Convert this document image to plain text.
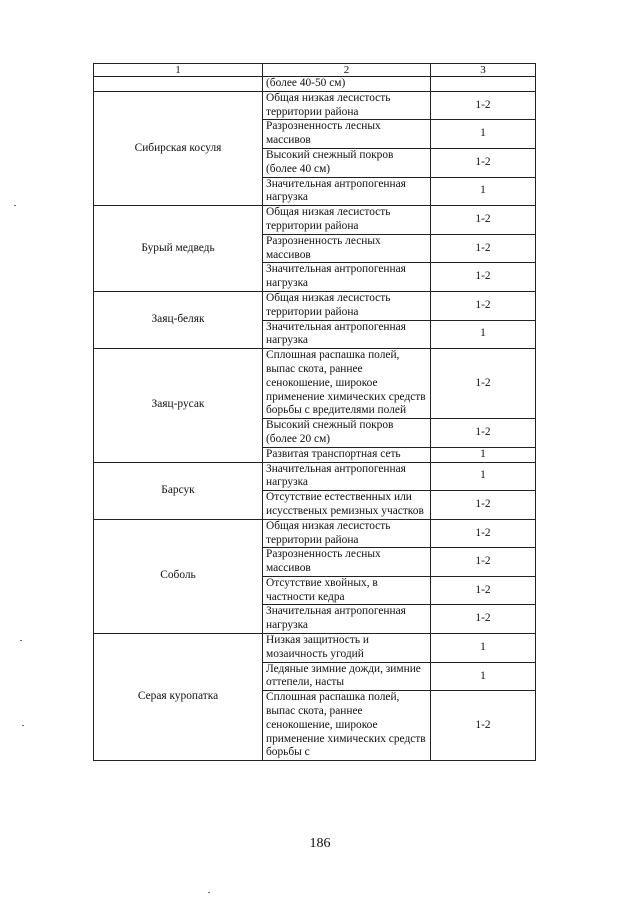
1	2	3
	(более 40-50 см)	
Сибирская косуля	Общая низкая лесистость территории района	1-2
	Разрозненность лесных массивов	1
	Высокий снежный покров (более 40 см)	1-2
	Значительная антропогенная нагрузка	1
Бурый медведь	Общая низкая лесистость территории района	1-2
	Разрозненность лесных массивов	1-2
	Значительная антропогенная нагрузка	1-2
Заяц-беляк	Общая низкая лесистость территории района	1-2
	Значительная антропогенная нагрузка	1
Заяц-русак	Сплошная распашка полей, выпас скота, раннее сенокошение, широкое применение химических средств борьбы с вредителями полей	1-2
	Высокий снежный покров (более 20 см)	1-2
	Развитая транспортная сеть	1
Барсук	Значительная антропогенная нагрузка	1
	Отсутствие естественных или исусственых ремизных участков	1-2
Соболь	Общая низкая лесистость территории района	1-2
	Разрозненность лесных массивов	1-2
	Отсутствие хвойных, в частности кедра	1-2
	Значительная антропогенная нагрузка	1-2
Серая куропатка	Низкая защитность и мозаичность угодий	1
	Ледяные зимние дожди, зимние оттепели, насты	1
	Сплошная распашка полей, выпас скота, раннее сенокошение, широкое применение химических средств борьбы с	1-2
186
